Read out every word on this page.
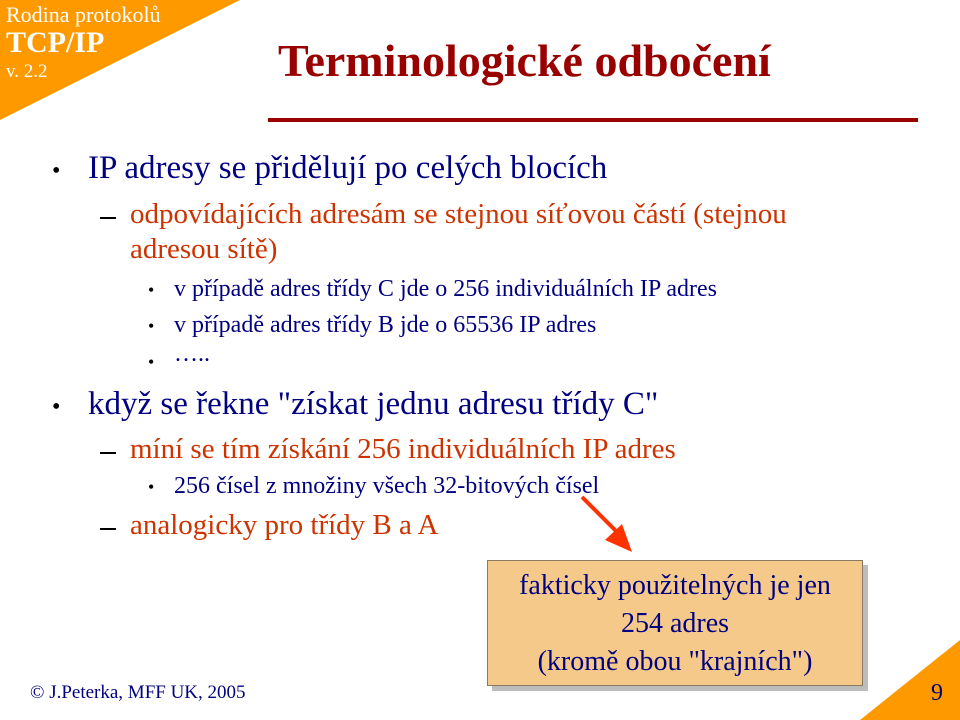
Rodina protokolů
TCP/IP
v. 2.2	Terminologické odbočení
• IP adresy se přidělují po celých blocích
odpovídajících adresám se stejnou síťovou částí (stejnou
adresou sítě)
• v případě adres třídy C jde o 256 individuálních IP adres
• v případě adres třídy B jde o 65536 IP adres
• …..
• když se řekne "získat jednu adresu třídy C"
míní se tím získání 256 individuálních IP adres
• 256 čísel z množiny všech 32-bitových čísel
analogicky pro třídy B a A
fakticky použitelných je jen
254 adres
(kromě obou "krajních")
© J.Peterka, MFF UK, 2005	9
